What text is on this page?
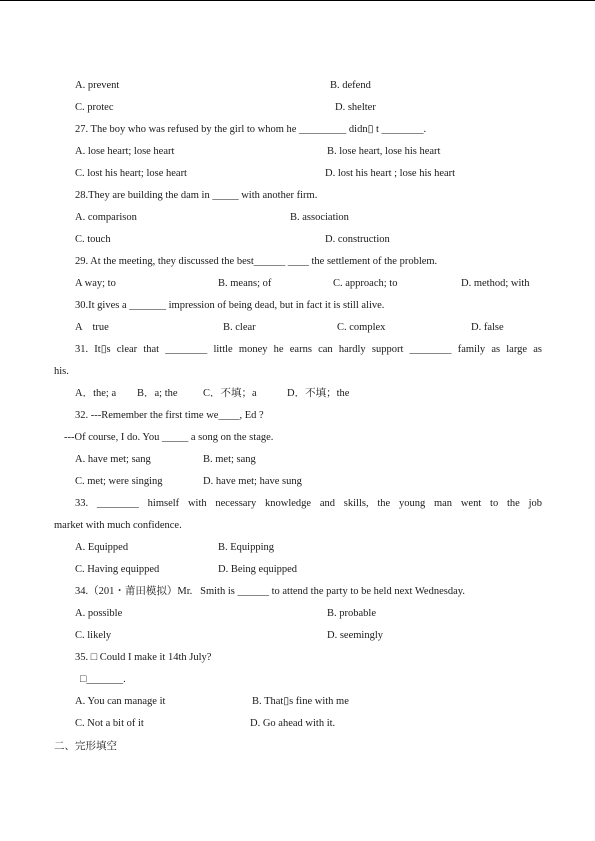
A. prevent	B. defend
C. protec	D. shelter
27. The boy who was refused by the girl to whom he _________ didn▯ t ________.
A. lose heart; lose heart	B. lose heart, lose his heart
C. lost his heart; lose heart	D. lost his heart ; lose his heart
28.They are building the dam in _____ with another firm.
A. comparison	B. association
C. touch	D. construction
29. At the meeting, they discussed the best______ ____ the settlement of the problem.
A way; to	B. means; of	C. approach; to	D. method; with
30.It gives a _______ impression of being dead, but in fact it is still alive.
A    true	B. clear	C. complex	D. false
31. It▯s clear that ________ little money he earns can hardly support ________ family as large as
his.
A．the; a B．a; the C．不填；a	D．不填；the
32. ---Remember the first time we____, Ed ?
---Of course, I do. You _____ a song on the stage.
A. have met; sang	B. met; sang
C. met; were singing	D. have met; have sung
33. ________ himself with necessary knowledge and skills, the young man went to the job
market with much confidence.
A. Equipped	B. Equipping
C. Having equipped	D. Being equipped
34.（201・莆田模拟）Mr.   Smith is ______ to attend the party to be held next Wednesday.
A. possible	B. probable
C. likely	D. seemingly
35. □ Could I make it 14th July?
□_______.
A. You can manage it	B. That▯s fine with me
C. Not a bit of it	D. Go ahead with it.
二、完形填空
